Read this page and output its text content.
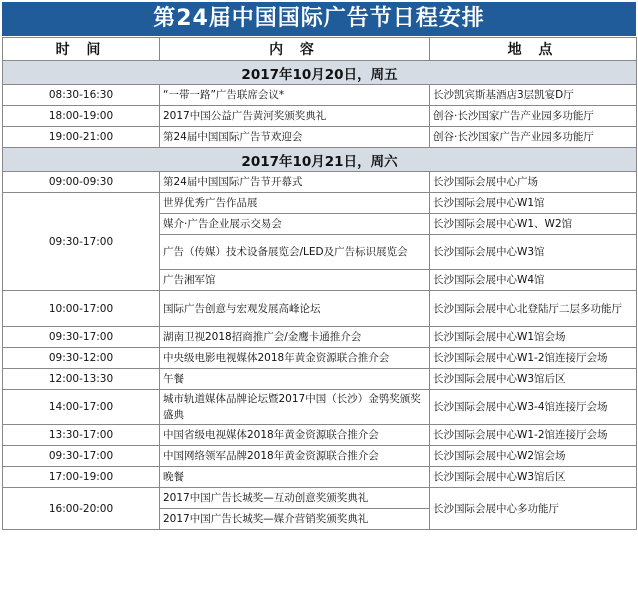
第24届中国国际广告节日程安排
时 间	内 容	地 点
2017年10月20日，周五		
08:30-16:30	“一带一路”广告联席会议*	长沙凯宾斯基酒店3层凯宴D厅
18:00-19:00	2017中国公益广告黄河奖颁奖典礼	创谷·长沙国家广告产业园多功能厅
19:00-21:00	第24届中国国际广告节欢迎会	创谷·长沙国家广告产业园多功能厅
2017年10月21日，周六		
09:00-09:30	第24届中国国际广告节开幕式	长沙国际会展中心广场
09:30-17:00	世界优秀广告作品展	长沙国际会展中心W1馆
	媒介·广告企业展示交易会	长沙国际会展中心W1、W2馆
	广告（传媒）技术设备展览会/LED及广告标识展览会	长沙国际会展中心W3馆
	广告湘军馆	长沙国际会展中心W4馆
10:00-17:00	国际广告创意与宏观发展高峰论坛	长沙国际会展中心北登陆厅二层多功能厅
09:30-17:00	湖南卫视2018招商推广会/金鹰卡通推介会	长沙国际会展中心W1馆会场
09:30-12:00	中央级电影电视媒体2018年黄金资源联合推介会	长沙国际会展中心W1-2馆连接厅会场
12:00-13:30	午餐	长沙国际会展中心W3馆后区
14:00-17:00	城市轨道媒体品牌论坛暨2017中国（长沙）金鸮奖颁奖盛典	长沙国际会展中心W3-4馆连接厅会场
13:30-17:00	中国省级电视媒体2018年黄金资源联合推介会	长沙国际会展中心W1-2馆连接厅会场
09:30-17:00	中国网络领军品牌2018年黄金资源联合推介会	长沙国际会展中心W2馆会场
17:00-19:00	晚餐	长沙国际会展中心W3馆后区
16:00-20:00	2017中国广告长城奖—互动创意奖颁奖典礼	长沙国际会展中心多功能厅
	2017中国广告长城奖—媒介营销奖颁奖典礼	
